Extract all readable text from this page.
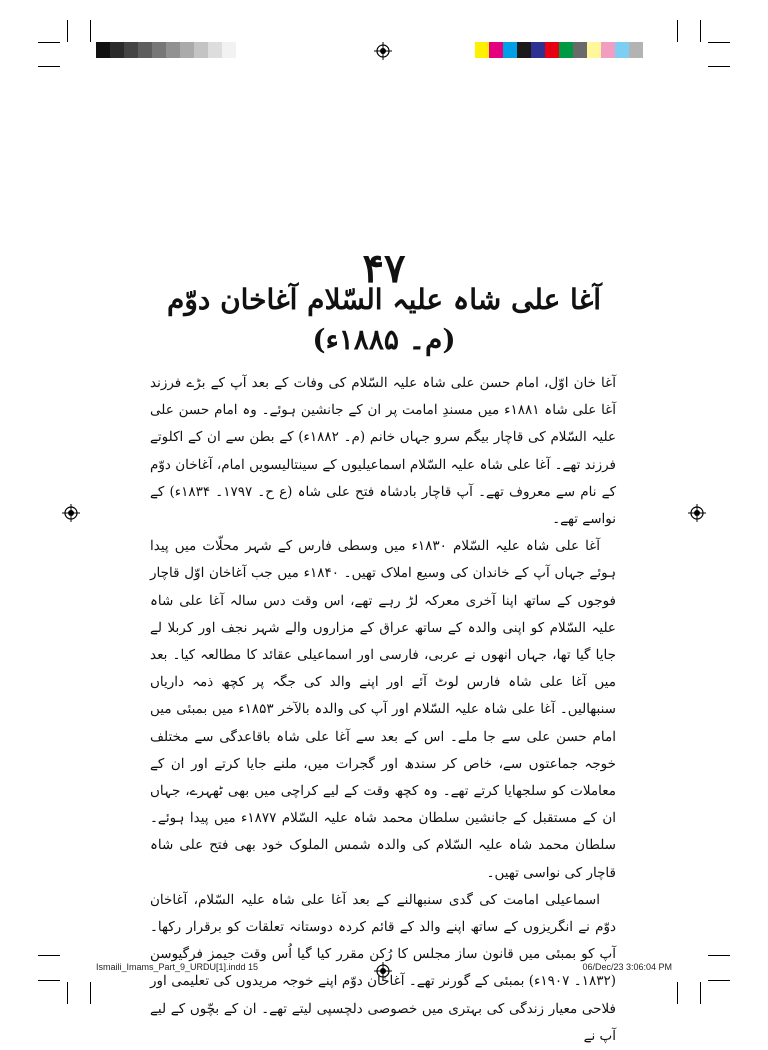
۴۷
آغا علی شاہ علیہ السّلام آغاخان دوّم (م۔ ۱۸۸۵ء)

آغا خان اوّل، امام حسن علی شاہ علیہ السّلام کی وفات کے بعد آپ کے بڑے فرزند آغا علی شاہ ۱۸۸۱ء میں مسندِ امامت پر ان کے جانشین ہوئے۔ وہ امام حسن علی علیہ السّلام کی قاچار بیگم سرو جہاں خانم (م۔ ۱۸۸۲ء) کے بطن سے ان کے اکلوتے فرزند تھے۔ آغا علی شاہ علیہ السّلام اسماعیلیوں کے سینتالیسویں امام، آغاخان دوّم کے نام سے معروف تھے۔ آپ قاچار بادشاہ فتح علی شاہ (ع ح۔ ۱۷۹۷۔ ۱۸۳۴ء) کے نواسے تھے۔

آغا علی شاہ علیہ السّلام ۱۸۳۰ء میں وسطی فارس کے شہر محلّات میں پیدا ہوئے جہاں آپ کے خاندان کی وسیع املاک تھیں۔ ۱۸۴۰ء میں جب آغاخان اوّل قاچار فوجوں کے ساتھ اپنا آخری معرکہ لڑ رہے تھے، اس وقت دس سالہ آغا علی شاہ علیہ السّلام کو اپنی والدہ کے ساتھ عراق کے مزاروں والے شہر نجف اور کربلا لے جایا گیا تھا، جہاں انھوں نے عربی، فارسی اور اسماعیلی عقائد کا مطالعہ کیا۔ بعد میں آغا علی شاہ فارس لوٹ آئے اور اپنے والد کی جگہ پر کچھ ذمہ داریاں سنبھالیں۔ آغا علی شاہ علیہ السّلام اور آپ کی والدہ بالآخر ۱۸۵۳ء میں بمبئی میں امام حسن علی سے جا ملے۔ اس کے بعد سے آغا علی شاہ باقاعدگی سے مختلف خوجہ جماعتوں سے، خاص کر سندھ اور گجرات میں، ملنے جایا کرتے اور ان کے معاملات کو سلجھایا کرتے تھے۔ وہ کچھ وقت کے لیے کراچی میں بھی ٹھہرے، جہاں ان کے مستقبل کے جانشین سلطان محمد شاہ علیہ السّلام ۱۸۷۷ء میں پیدا ہوئے۔ سلطان محمد شاہ علیہ السّلام کی والدہ شمس الملوک خود بھی فتح علی شاہ قاچار کی نواسی تھیں۔

اسماعیلی امامت کی گدی سنبھالنے کے بعد آغا علی شاہ علیہ السّلام، آغاخان دوّم نے انگریزوں کے ساتھ اپنے والد کے قائم کردہ دوستانہ تعلقات کو برقرار رکھا۔ آپ کو بمبئی میں قانون ساز مجلس کا رُکن مقرر کیا گیا اُس وقت جیمز فرگیوسن (۱۸۳۲۔ ۱۹۰۷ء) بمبئی کے گورنر تھے۔ آغاخان دوّم اپنے خوجہ مریدوں کی تعلیمی اور فلاحی معیار زندگی کی بہتری میں خصوصی دلچسپی لیتے تھے۔ ان کے بچّوں کے لیے آپ نے

Ismaili_Imams_Part_9_URDU[1].indd 15	06/Dec/23 3:06:04 PM
